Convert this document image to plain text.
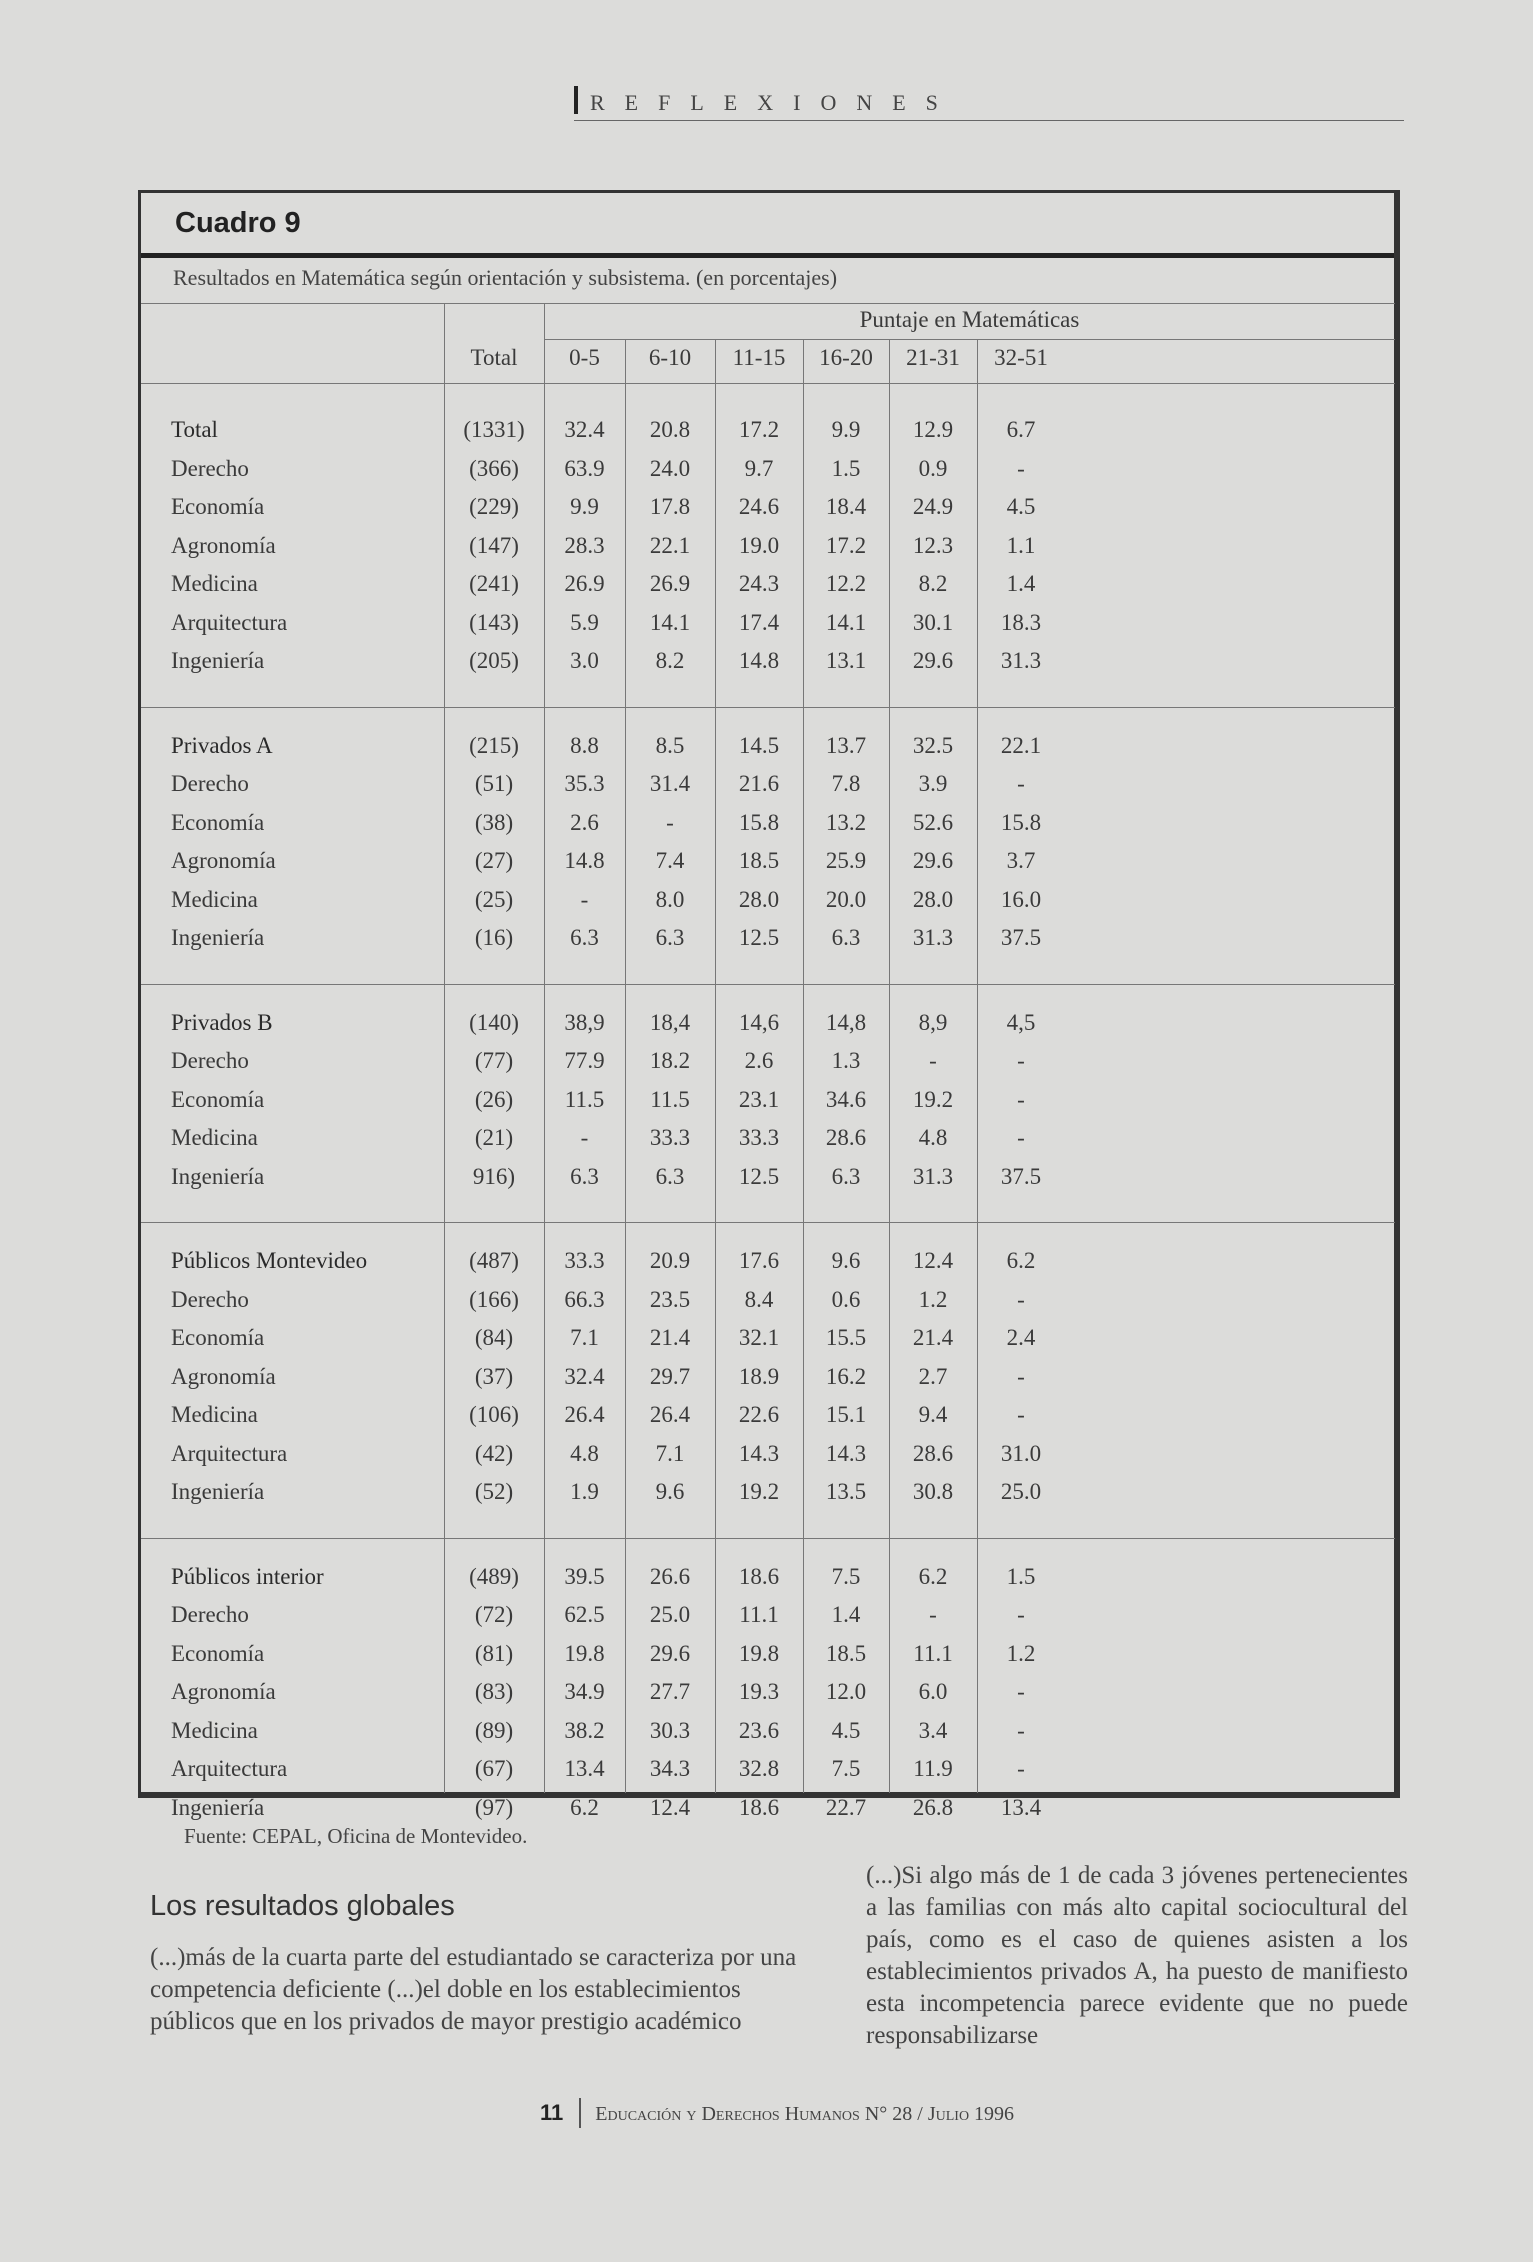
REFLEXIONES
Cuadro 9
Resultados en Matemática según orientación y subsistema. (en porcentajes)
Puntaje en Matemáticas
Total	0-5	6-10	11-15	16-20	21-31	32-51
Total	(1331)	32.4	20.8	17.2	9.9	12.9	6.7
Derecho	(366)	63.9	24.0	9.7	1.5	0.9	-
Economía	(229)	9.9	17.8	24.6	18.4	24.9	4.5
Agronomía	(147)	28.3	22.1	19.0	17.2	12.3	1.1
Medicina	(241)	26.9	26.9	24.3	12.2	8.2	1.4
Arquitectura	(143)	5.9	14.1	17.4	14.1	30.1	18.3
Ingeniería	(205)	3.0	8.2	14.8	13.1	29.6	31.3
Privados A	(215)	8.8	8.5	14.5	13.7	32.5	22.1
Derecho	(51)	35.3	31.4	21.6	7.8	3.9	-
Economía	(38)	2.6	-	15.8	13.2	52.6	15.8
Agronomía	(27)	14.8	7.4	18.5	25.9	29.6	3.7
Medicina	(25)	-	8.0	28.0	20.0	28.0	16.0
Ingeniería	(16)	6.3	6.3	12.5	6.3	31.3	37.5
Privados B	(140)	38,9	18,4	14,6	14,8	8,9	4,5
Derecho	(77)	77.9	18.2	2.6	1.3	-	-
Economía	(26)	11.5	11.5	23.1	34.6	19.2	-
Medicina	(21)	-	33.3	33.3	28.6	4.8	-
Ingeniería	916)	6.3	6.3	12.5	6.3	31.3	37.5
Públicos Montevideo	(487)	33.3	20.9	17.6	9.6	12.4	6.2
Derecho	(166)	66.3	23.5	8.4	0.6	1.2	-
Economía	(84)	7.1	21.4	32.1	15.5	21.4	2.4
Agronomía	(37)	32.4	29.7	18.9	16.2	2.7	-
Medicina	(106)	26.4	26.4	22.6	15.1	9.4	-
Arquitectura	(42)	4.8	7.1	14.3	14.3	28.6	31.0
Ingeniería	(52)	1.9	9.6	19.2	13.5	30.8	25.0
Públicos interior	(489)	39.5	26.6	18.6	7.5	6.2	1.5
Derecho	(72)	62.5	25.0	11.1	1.4	-	-
Economía	(81)	19.8	29.6	19.8	18.5	11.1	1.2
Agronomía	(83)	34.9	27.7	19.3	12.0	6.0	-
Medicina	(89)	38.2	30.3	23.6	4.5	3.4	-
Arquitectura	(67)	13.4	34.3	32.8	7.5	11.9	-
Ingeniería	(97)	6.2	12.4	18.6	22.7	26.8	13.4
Fuente: CEPAL, Oficina de Montevideo.
Los resultados globales
(...)más de la cuarta parte del estudiantado se caracteriza por una competencia deficiente (...)el doble en los establecimientos públicos que en los privados de mayor prestigio académico
(...)Si algo más de 1 de cada 3 jóvenes pertenecientes a las familias con más alto capital sociocultural del país, como es el caso de quienes asisten a los establecimientos privados A, ha puesto de manifiesto esta incompetencia parece evidente que no puede responsabilizarse
11 Educación y Derechos Humanos N° 28 / Julio 1996
